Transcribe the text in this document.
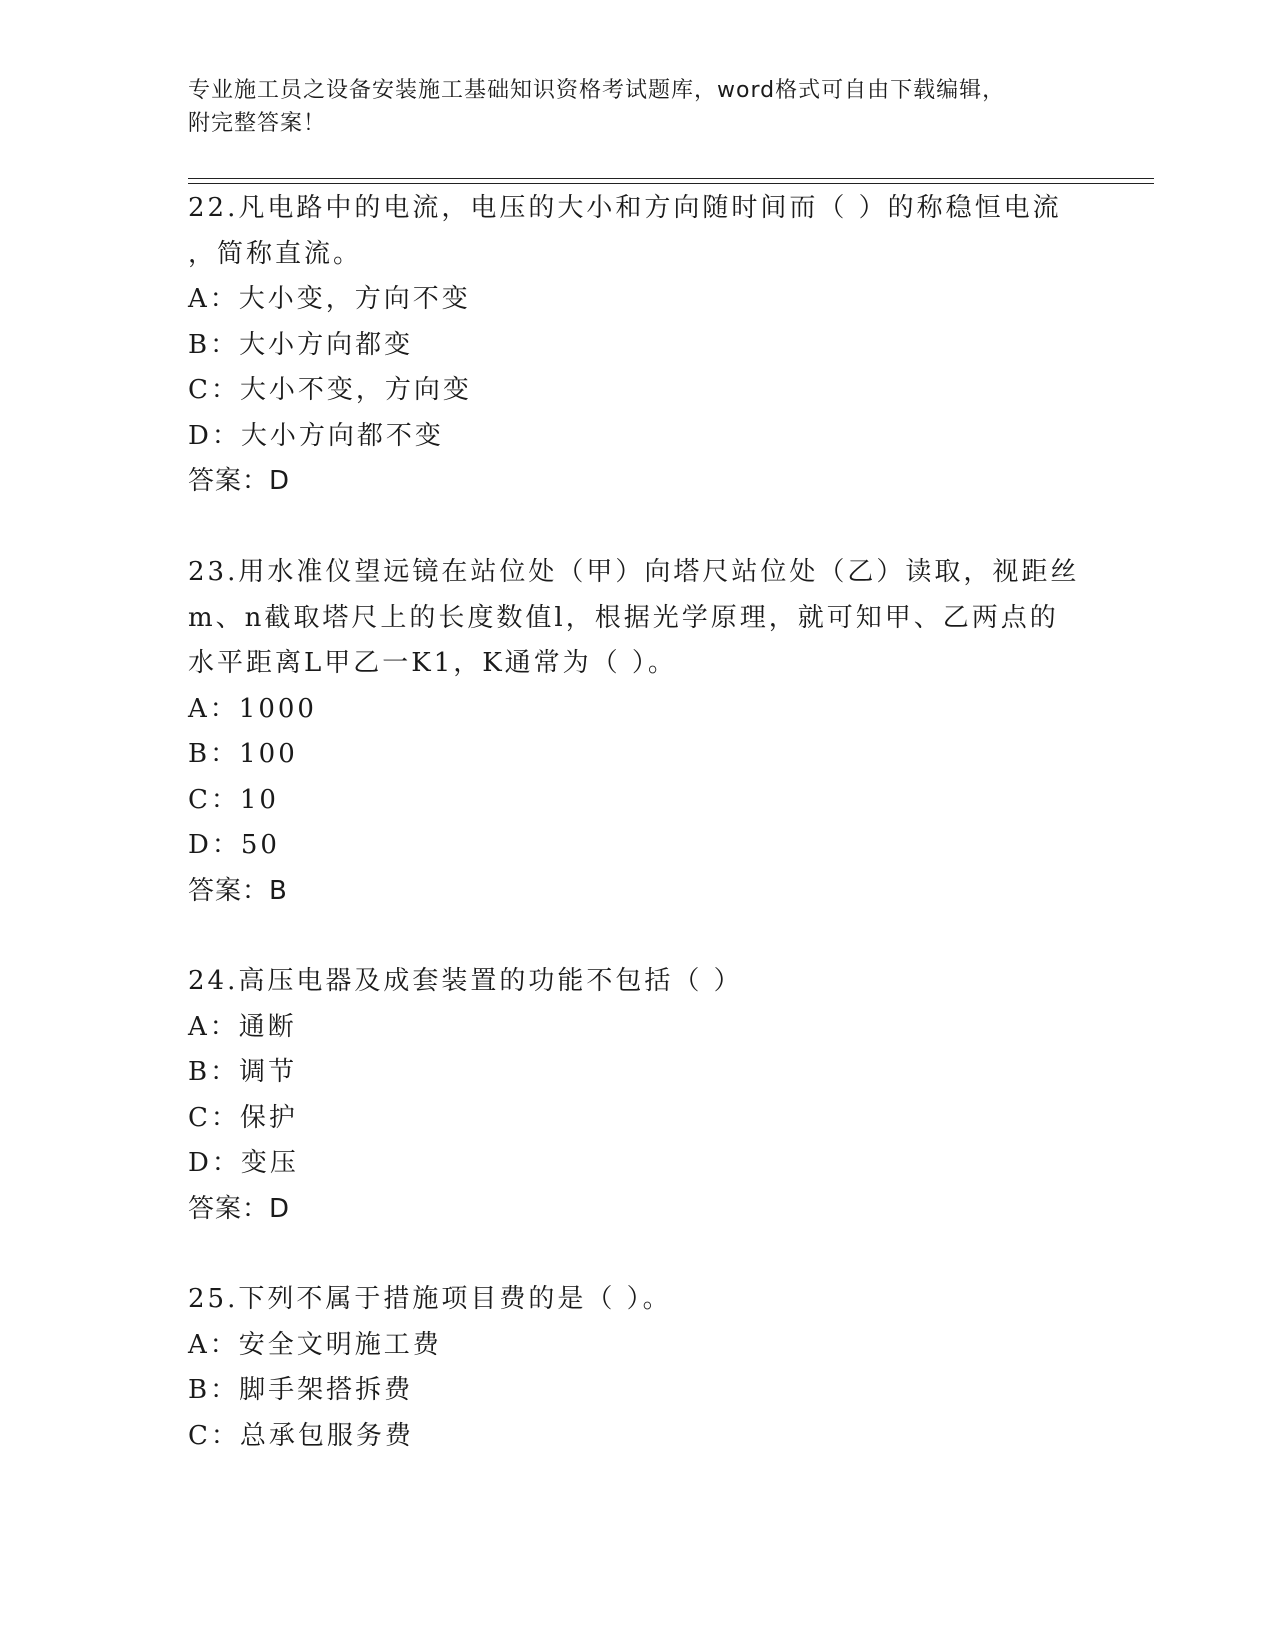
专业施工员之设备安装施工基础知识资格考试题库，word格式可自由下载编辑，
附完整答案！
22.凡电路中的电流，电压的大小和方向随时间而（ ）的称稳恒电流
，简称直流。
A：大小变，方向不变
B：大小方向都变
C：大小不变，方向变
D：大小方向都不变
答案：D
23.用水准仪望远镜在站位处（甲）向塔尺站位处（乙）读取，视距丝
m、n截取塔尺上的长度数值l，根据光学原理，就可知甲、乙两点的
水平距离L甲乙一K1，K通常为（ ）。
A：1000
B：100
C：10
D：50
答案：B
24.高压电器及成套装置的功能不包括（ ）
A：通断
B：调节
C：保护
D：变压
答案：D
25.下列不属于措施项目费的是（ ）。
A：安全文明施工费
B：脚手架搭拆费
C：总承包服务费
